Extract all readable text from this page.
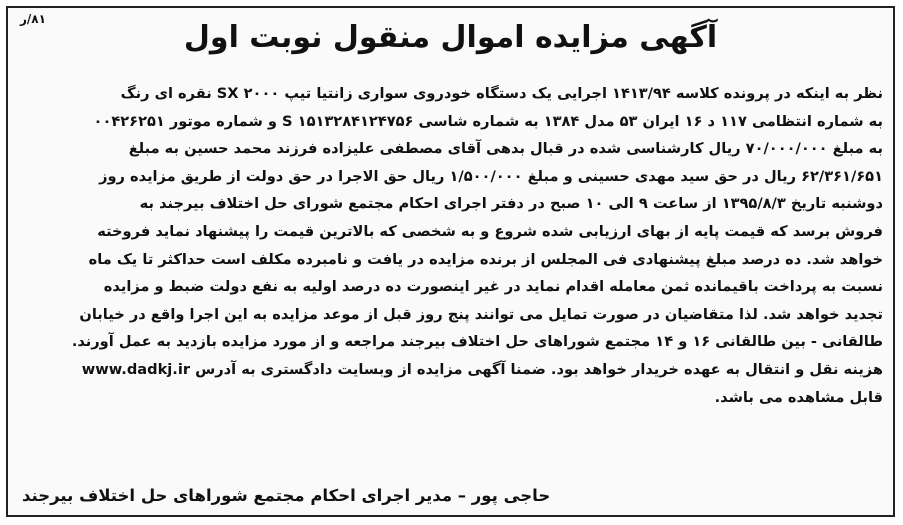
۸۱/ر
آگهی مزایده اموال منقول نوبت اول
نظر به اینکه در پرونده کلاسه ۱۴۱۳/۹۴ اجرایی یک دستگاه خودروی سواری زانتیا تیپ SX ۲۰۰۰ نقره ای رنگ
به شماره انتظامی ۱۱۷ د ۱۶ ایران ۵۳ مدل ۱۳۸۴ به شماره شاسی ۱۵۱۳۲۸۴۱۲۴۷۵۶ S و شماره موتور ۰۰۴۲۶۲۵۱
به مبلغ ۷۰/۰۰۰/۰۰۰ ریال کارشناسی شده در قبال بدهی آقای مصطفی علیزاده فرزند محمد حسین به مبلغ
۶۲/۳۶۱/۶۵۱ ریال در حق سید مهدی حسینی و مبلغ ۱/۵۰۰/۰۰۰ ریال حق الاجرا در حق دولت از طریق مزایده روز
دوشنبه تاریخ ۱۳۹۵/۸/۳ از ساعت ۹ الی ۱۰ صبح در دفتر اجرای احکام مجتمع شورای حل اختلاف بیرجند به
فروش برسد که قیمت پایه از بهای ارزیابی شده شروع و به شخصی که بالاترین قیمت را پیشنهاد نماید فروخته
خواهد شد. ده درصد مبلغ پیشنهادی فی المجلس از برنده مزایده در یافت و نامبرده مکلف است حداکثر تا یک ماه
نسبت به پرداخت باقیمانده ثمن معامله اقدام نماید در غیر اینصورت ده درصد اولیه به نفع دولت ضبط و مزایده
تجدید خواهد شد. لذا متقاضیان در صورت تمایل می توانند پنج روز قبل از موعد مزایده به این اجرا واقع در خیابان
طالقانی - بین طالقانی ۱۶ و ۱۴ مجتمع شوراهای حل اختلاف بیرجند مراجعه و از مورد مزایده بازدید به عمل آورند.
هزینه نقل و انتقال به عهده خریدار خواهد بود. ضمنا آگهی مزایده از وبسایت دادگستری به آدرس www.dadkj.ir
قابل مشاهده می باشد.
حاجی پور – مدیر اجرای احکام مجتمع شوراهای حل اختلاف بیرجند
